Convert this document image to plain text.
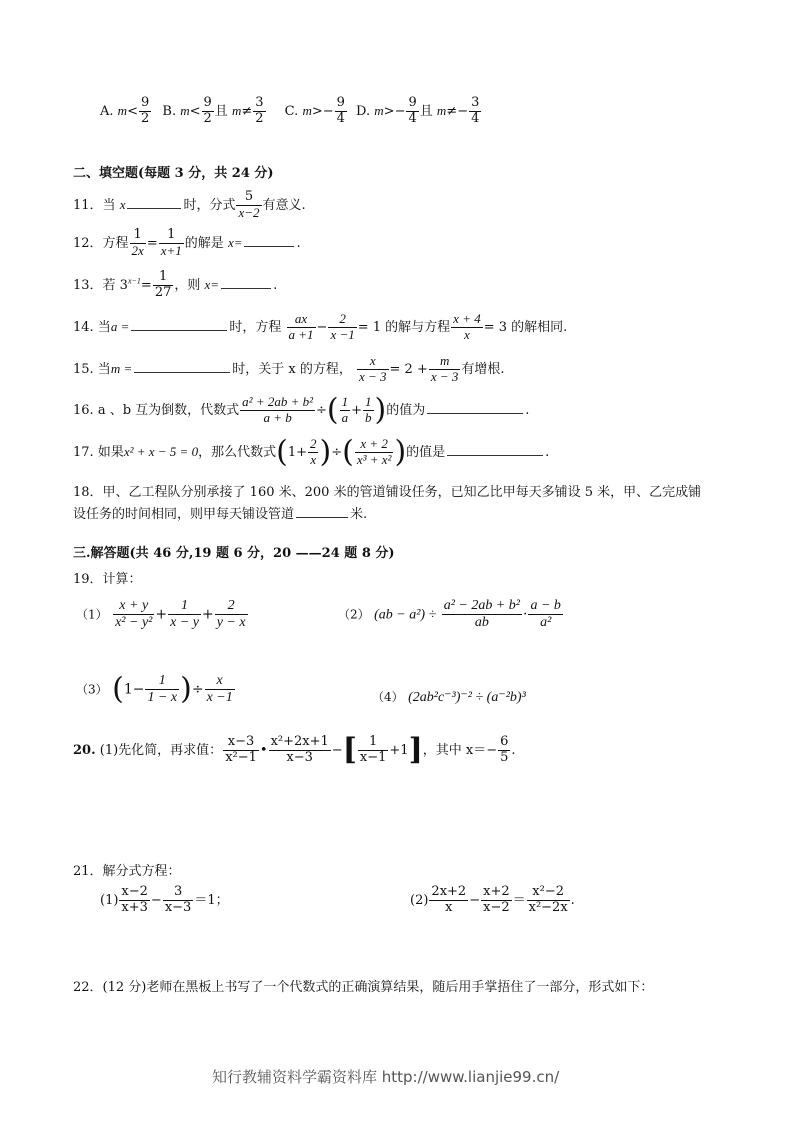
A. $m< \frac{9}{2} B$. $m< \frac{9}{2}$ 且 $m\ne \frac{3}{2} C$. $m>- \frac{9}{4} D$. $m>- \frac{9}{4}$ 且 $m\ne- \frac{3}{4}$
二、填空题(每题 3 分，共 24 分)
11．当 x	时，分式 $\frac{5}{x-2}$ 有意义.
12．方程 $\frac{1}{2x} = \frac{1}{x+1}$ 的解是 x=	.
13．若 $3^{x-1}= \frac{1}{27}$ ，则 x=	.
14. 当a =	时，方程 $\frac{ax}{a +1} - \frac{2}{x -1} = 1$ 的解与方程 $\frac{x + 4}{x} = 3$ 的解相同.
15. 当m =	时，关于 x 的方程， $\frac{x}{x - 3} = 2 + \frac{m}{x - 3}$ 有增根.
16. a 、b 互为倒数，代数式 $\frac{\text{a² + 2ab + b²}}{a + b}$ ÷( $\frac{1}{a} + \frac{1}{b}$ )的值为	.
17. 如果x² + x − 5 = 0，那么代数式($1+ \frac{2}{x}$ )÷( $\frac{x + 2}{\text{x³ + x²}}$ )的值是	.
18．甲、乙工程队分别承接了 160 米、200 米的管道铺设任务，已知乙比甲每天多铺设 5 米，甲、乙完成铺
设任务的时间相同，则甲每天铺设管道	米.
三.解答题(共 46 分,19 题 6 分，20 ——24 题 8 分)
19．计算：
$(1) \frac{x + y}{\text{x² − y²}} + \frac{1}{x - y} + \frac{2}{y - x}$	（2） $(ab - a^2) \div \frac{\text{a² − 2ab + b²}}{ab} \cdot \frac{a - b}{\text{a²}}$
（3） ($1- \frac{1}{1 - x}$ )÷ $\frac{x}{x -1}$	（4） (2ab²c⁻³)⁻² ÷ (a⁻²b)³
20. (1)先化简，再求值： $\frac{x-3}{\text{x²−1}}$ • $\frac{\text{x²+2x+1}}{x-3}$ −[ $\frac{1}{x-1} +1$]，其中 $x=- \frac{6}{5}$ .
21．解分式方程：
$(1) \frac{x-2}{x+3} - \frac{3}{x-3} =1$；	$(2) \frac{2x+2}{x} - \frac{x+2}{x-2} = \frac{\text{x²−2}}{\text{x²−2x}}$ .
22．(12 分)老师在黑板上书写了一个代数式的正确演算结果，随后用手掌捂住了一部分，形式如下：
知行教辅资料学霸资料库 http://www.lianjie99.cn/
